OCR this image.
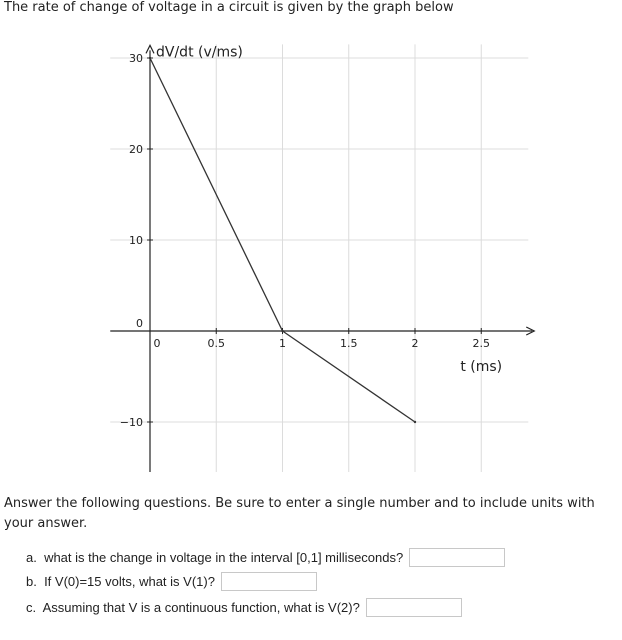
The rate of change of voltage in a circuit is given by the graph below
0	0.5	1	1.5	2	2.5
30
20
10
0
−10
dV/dt (v/ms)
t (ms)
Answer the following questions. Be sure to enter a single number and to include units with your answer.
a.  what is the change in voltage in the interval [0,1] milliseconds?
b.  If V(0)=15 volts, what is V(1)?
c.  Assuming that V is a continuous function, what is V(2)?
